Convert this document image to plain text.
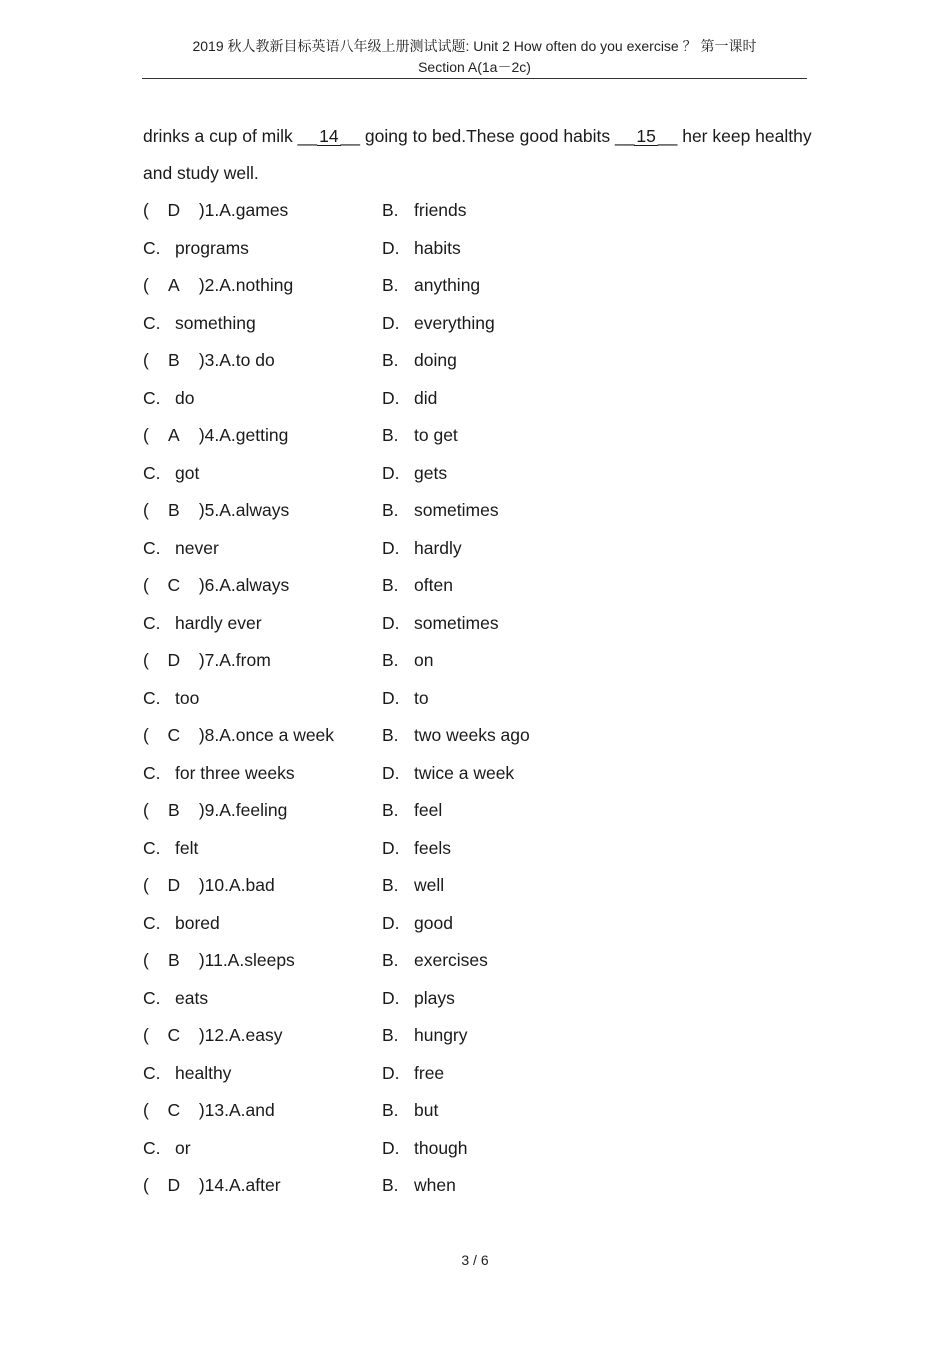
2019 秋人教新目标英语八年级上册测试试题: Unit 2 How often do you exercise ？ 第一课时
Section A(1a－2c)
drinks a cup of milk __ 14 __ going to bed.These good habits __ 15 __ her keep healthy
and study well.
( D )1.A.games	B. friends
C. programs	D. habits
( A )2.A.nothing	B. anything
C. something	D. everything
( B )3.A.to do	B. doing
C. do	D. did
( A )4.A.getting	B. to get
C. got	D. gets
( B )5.A.always	B. sometimes
C. never	D. hardly
( C )6.A.always	B. often
C. hardly ever	D. sometimes
( D )7.A.from	B. on
C. too	D. to
( C )8.A.once a week	B. two weeks ago
C. for three weeks	D. twice a week
( B )9.A.feeling	B. feel
C. felt	D. feels
( D )10.A.bad	B. well
C. bored	D. good
( B )11.A.sleeps	B. exercises
C. eats	D. plays
( C )12.A.easy	B. hungry
C. healthy	D. free
( C )13.A.and	B. but
C. or	D. though
( D )14.A.after	B. when
3 / 6
